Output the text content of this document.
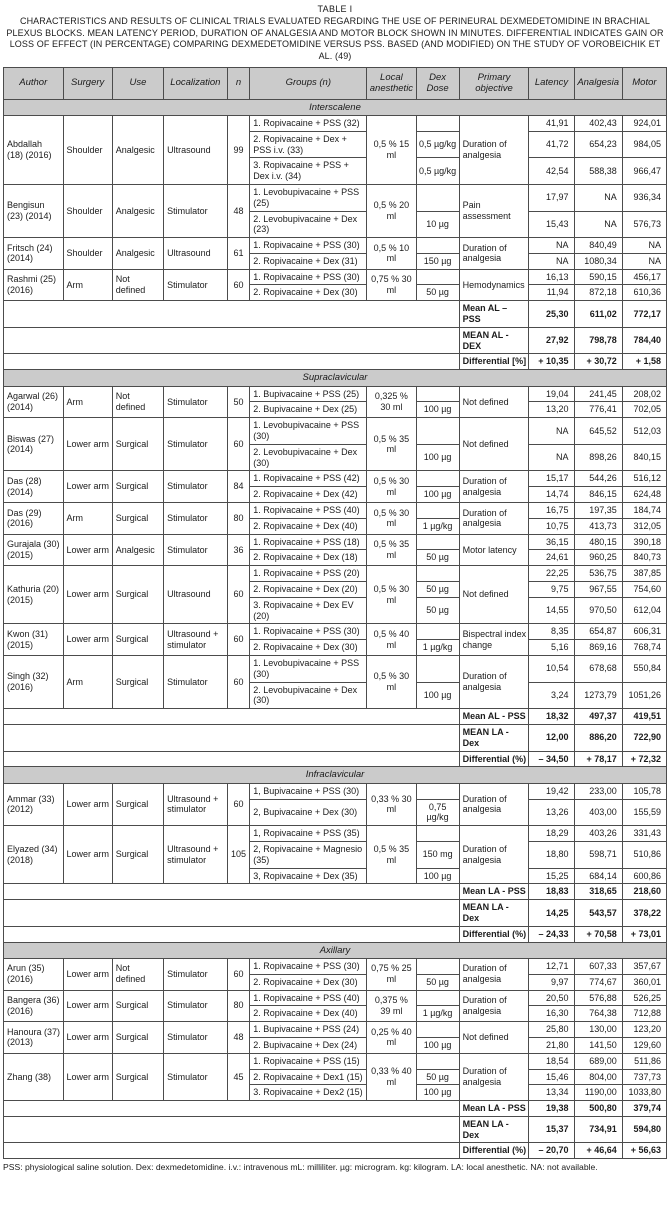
TABLE I
CHARACTERISTICS AND RESULTS OF CLINICAL TRIALS EVALUATED REGARDING THE USE OF PERINEURAL DEXMEDETOMIDINE IN BRACHIAL PLEXUS BLOCKS. MEAN LATENCY PERIOD, DURATION OF ANALGESIA AND MOTOR BLOCK SHOWN IN MINUTES. DIFFERENTIAL INDICATES GAIN OR LOSS OF EFFECT (IN PERCENTAGE) COMPARING DEXMEDETOMIDINE VERSUS PSS. BASED (AND MODIFIED) ON THE STUDY OF VOROBEICHIK ET AL. (49)
Author	Surgery	Use	Localization	n	Groups (n)	Local anesthetic	Dex Dose	Primary objective	Latency	Analgesia	Motor
Interscalene											
Abdallah (18) (2016)	Shoulder	Analgesic	Ultrasound	99	1. Ropivacaine + PSS (32)	0,5 % 15 ml		Duration of analgesia	41,91	402,43	924,01
					2. Ropivacaine + Dex + PSS i.v. (33)		0,5 µg/kg		41,72	654,23	984,05
					3. Ropivacaine + PSS + Dex i.v. (34)		0,5 µg/kg		42,54	588,38	966,47
Bengisun (23) (2014)	Shoulder	Analgesic	Stimulator	48	1. Levobupivacaine + PSS (25)	0,5 % 20 ml		Pain assessment	17,97	NA	936,34
					2. Levobupivacaine + Dex (23)		10 µg		15,43	NA	576,73
Fritsch (24) (2014)	Shoulder	Analgesic	Ultrasound	61	1. Ropivacaine + PSS (30)	0,5 % 10 ml		Duration of analgesia	NA	840,49	NA
					2. Ropivacaine + Dex (31)		150 µg		NA	1080,34	NA
Rashmi (25) (2016)	Arm	Not defined	Stimulator	60	1. Ropivacaine + PSS (30)	0,75 % 30 ml		Hemodynamics	16,13	590,15	456,17
					2. Ropivacaine + Dex (30)		50 µg		11,94	872,18	610,36
								Mean AL – PSS	25,30	611,02	772,17
								MEAN AL - DEX	27,92	798,78	784,40
								Differential [%]	+ 10,35	+ 30,72	+ 1,58
Supraclavicular											
Agarwal (26) (2014)	Arm	Not defined	Stimulator	50	1. Bupivacaine + PSS (25)	0,325 % 30 ml		Not defined	19,04	241,45	208,02
					2. Bupivacaine + Dex (25)		100 µg		13,20	776,41	702,05
Biswas (27) (2014)	Lower arm	Surgical	Stimulator	60	1. Levobupivacaine + PSS (30)	0,5 % 35 ml		Not defined	NA	645,52	512,03
					2. Levobupivacaine + Dex (30)		100 µg		NA	898,26	840,15
Das (28) (2014)	Lower arm	Surgical	Stimulator	84	1. Ropivacaine + PSS (42)	0,5 % 30 ml		Duration of analgesia	15,17	544,26	516,12
					2. Ropivacaine + Dex (42)		100 µg		14,74	846,15	624,48
Das (29) (2016)	Arm	Surgical	Stimulator	80	1. Ropivacaine + PSS (40)	0,5 % 30 ml		Duration of analgesia	16,75	197,35	184,74
					2. Ropivacaine + Dex (40)		1 µg/kg		10,75	413,73	312,05
Gurajala (30) (2015)	Lower arm	Analgesic	Stimulator	36	1. Ropivacaine + PSS (18)	0,5 % 35 ml		Motor latency	36,15	480,15	390,18
					2. Ropivacaine + Dex (18)		50 µg		24,61	960,25	840,73
Kathuria (20) (2015)	Lower arm	Surgical	Ultrasound	60	1. Ropivacaine + PSS (20)	0,5 % 30 ml		Not defined	22,25	536,75	387,85
					2. Ropivacaine + Dex (20)		50 µg		9,75	967,55	754,60
					3. Ropivacaine + Dex EV (20)		50 µg		14,55	970,50	612,04
Kwon (31) (2015)	Lower arm	Surgical	Ultrasound + stimulator	60	1. Ropivacaine + PSS (30)	0,5 % 40 ml		Bispectral index change	8,35	654,87	606,31
					2. Ropivacaine + Dex (30)		1 µg/kg		5,16	869,16	768,74
Singh (32) (2016)	Arm	Surgical	Stimulator	60	1. Levobupivacaine + PSS (30)	0,5 % 30 ml		Duration of analgesia	10,54	678,68	550,84
					2. Levobupivacaine + Dex (30)		100 µg		3,24	1273,79	1051,26
								Mean AL - PSS	18,32	497,37	419,51
								MEAN LA - Dex	12,00	886,20	722,90
								Differential (%)	– 34,50	+ 78,17	+ 72,32
Infraclavicular											
Ammar (33) (2012)	Lower arm	Surgical	Ultrasound + stimulator	60	1, Bupivacaine + PSS (30)	0,33 % 30 ml		Duration of analgesia	19,42	233,00	105,78
					2, Bupivacaine + Dex (30)		0,75 µg/kg		13,26	403,00	155,59
Elyazed (34) (2018)	Lower arm	Surgical	Ultrasound + stimulator	105	1, Ropivacaine + PSS (35)	0,5 % 35 ml		Duration of analgesia	18,29	403,26	331,43
					2, Ropivacaine + Magnesio (35)		150 mg		18,80	598,71	510,86
					3, Ropivacaine + Dex (35)		100 µg		15,25	684,14	600,86
								Mean LA - PSS	18,83	318,65	218,60
								MEAN LA - Dex	14,25	543,57	378,22
								Differential (%)	– 24,33	+ 70,58	+ 73,01
Axillary											
Arun (35) (2016)	Lower arm	Not defined	Stimulator	60	1. Ropivacaine + PSS (30)	0,75 % 25 ml		Duration of analgesia	12,71	607,33	357,67
					2. Ropivacaine + Dex (30)		50 µg		9,97	774,67	360,01
Bangera (36) (2016)	Lower arm	Surgical	Stimulator	80	1. Ropivacaine + PSS (40)	0,375 % 39 ml		Duration of analgesia	20,50	576,88	526,25
					2. Ropivacaine + Dex (40)		1 µg/kg		16,30	764,38	712,88
Hanoura (37) (2013)	Lower arm	Surgical	Stimulator	48	1. Bupivacaine + PSS (24)	0,25 % 40 ml		Not defined	25,80	130,00	123,20
					2. Bupivacaine + Dex (24)		100 µg		21,80	141,50	129,60
Zhang (38)	Lower arm	Surgical	Stimulator	45	1. Ropivacaine + PSS (15)	0,33 % 40 ml		Duration of analgesia	18,54	689,00	511,86
					2. Ropivacaine + Dex1 (15)		50 µg		15,46	804,00	737,73
					3. Ropivacaine + Dex2 (15)		100 µg		13,34	1190,00	1033,80
								Mean LA - PSS	19,38	500,80	379,74
								MEAN LA - Dex	15,37	734,91	594,80
								Differential (%)	– 20,70	+ 46,64	+ 56,63
PSS: physiological saline solution. Dex: dexmedetomidine. i.v.: intravenous mL: milliliter. µg: microgram. kg: kilogram. LA: local anesthetic. NA: not available.
